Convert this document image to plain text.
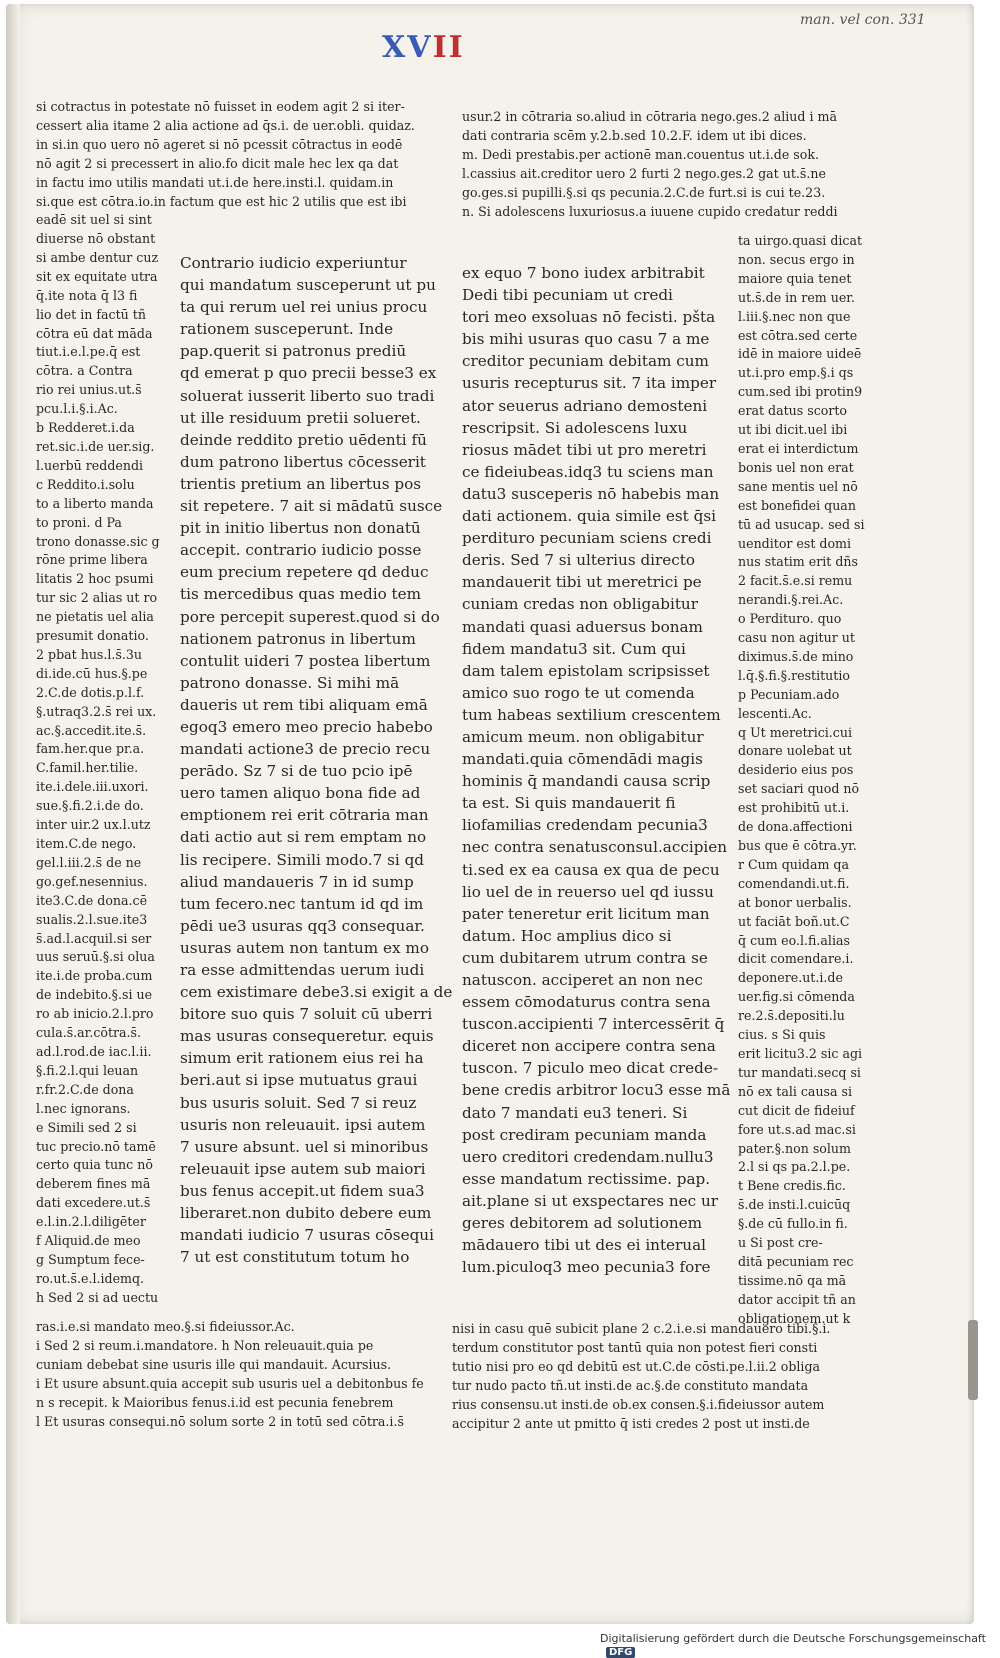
XVII
man. vel con. 331
si cotractus in potestate nō fuisset in eodem agit 2 si iter-
cessert alia itame 2 alia actione ad q̄s.i. de uer.obli. quidaz.
in si.in quo uero nō ageret si nō pcessit cōtractus in eodē
nō agit 2 si precessert in alio.fo dicit male hec lex qa dat
in factu imo utilis mandati ut.i.de here.insti.l. quidam.in
si.que est cōtra.io.in factum que est hic 2 utilis que est ibi
eadē sit uel si sint
usur.2 in cōtraria so.aliud in cōtraria nego.ges.2 aliud i mā
dati contraria scēm y.2.b.sed 10.2.F. idem ut ibi dices.
m. Dedi prestabis.per actionē man.couentus ut.i.de sok.
l.cassius ait.creditor uero 2 furti 2 nego.ges.2 gat ut.s̄.ne
go.ges.si pupilli.§.si qs pecunia.2.C.de furt.si is cui te.23.
n. Si adolescens luxuriosus.a iuuene cupido credatur reddi
diuerse nō obstant
si ambe dentur cuz
sit ex equitate utra
q̄.ite nota q̄ l3 fi
lio det in factū tñ
cōtra eū dat māda
tiut.i.e.l.pe.q̄ est
cōtra. a Contra
rio rei unius.ut.s̄
pcu.l.i.§.i.Ac.
b Redderet.i.da
ret.sic.i.de uer.sig.
l.uerbū reddendi
c Reddito.i.solu
to a liberto manda
to proni. d Pa
trono donasse.sic g
rōne prime libera
litatis 2 hoc psumi
tur sic 2 alias ut ro
ne pietatis uel alia
presumit donatio.
2 pbat hus.l.s̄.3u
di.ide.cū hus.§.pe
2.C.de dotis.p.l.f.
§.utraq3.2.s̄ rei ux.
ac.§.accedit.ite.s̄.
fam.her.que pr.a.
C.famil.her.tilie.
ite.i.dele.iii.uxori.
sue.§.fi.2.i.de do.
inter uir.2 ux.l.utz
item.C.de nego.
gel.l.iii.2.s̄ de ne
go.gef.nesennius.
ite3.C.de dona.cē
sualis.2.l.sue.ite3
s̄.ad.l.acquil.si ser
uus seruū.§.si olua
ite.i.de proba.cum
de indebito.§.si ue
ro ab inicio.2.l.pro
cula.s̄.ar.cōtra.s̄.
ad.l.rod.de iac.l.ii.
§.fi.2.l.qui leuan
r.fr.2.C.de dona
l.nec ignorans.
e Simili sed 2 si
tuc precio.nō tamē
certo quia tunc nō
deberem fines mā
dati excedere.ut.s̄
e.l.in.2.l.diligēter
f Aliquid.de meo
g Sumptum fece-
ro.ut.s̄.e.l.idemq.
h Sed 2 si ad uectu
Contrario iudicio experiuntur
qui mandatum susceperunt ut pu
ta qui rerum uel rei unius procu
rationem susceperunt. Inde
pap.querit si patronus prediū
qd emerat p quo precii besse3 ex
soluerat iusserit liberto suo tradi
ut ille residuum pretii solueret.
deinde reddito pretio uēdenti fū
dum patrono libertus cōcesserit
trientis pretium an libertus pos
sit repetere. 7 ait si mādatū susce
pit in initio libertus non donatū
accepit. contrario iudicio posse
eum precium repetere qd deduc
tis mercedibus quas medio tem
pore percepit superest.quod si do
nationem patronus in libertum
contulit uideri 7 postea libertum
patrono donasse. Si mihi mā
daueris ut rem tibi aliquam emā
egoq3 emero meo precio habebo
mandati actione3 de precio recu
perādo. Sz 7 si de tuo pcio ipē
uero tamen aliquo bona fide ad
emptionem rei erit cōtraria man
dati actio aut si rem emptam no
lis recipere. Simili modo.7 si qd
aliud mandaueris 7 in id sump
tum fecero.nec tantum id qd im
pēdi ue3 usuras qq3 consequar.
usuras autem non tantum ex mo
ra esse admittendas uerum iudi
cem existimare debe3.si exigit a de
bitore suo quis 7 soluit cū uberri
mas usuras consequeretur. equis
simum erit rationem eius rei ha
beri.aut si ipse mutuatus graui
bus usuris soluit. Sed 7 si reuz
usuris non releuauit. ipsi autem
7 usure absunt. uel si minoribus
releuauit ipse autem sub maiori
bus fenus accepit.ut fidem sua3
liberaret.non dubito debere eum
mandati iudicio 7 usuras cōsequi
7 ut est constitutum totum ho
ex equo 7 bono iudex arbitrabit
Dedi tibi pecuniam ut credi
tori meo exsoluas nō fecisti. pšta
bis mihi usuras quo casu 7 a me
creditor pecuniam debitam cum
usuris recepturus sit. 7 ita imper
ator seuerus adriano demosteni
rescripsit. Si adolescens luxu
riosus mādet tibi ut pro meretri
ce fideiubeas.idq3 tu sciens man
datu3 susceperis nō habebis man
dati actionem. quia simile est q̄si
perdituro pecuniam sciens credi
deris. Sed 7 si ulterius directo
mandauerit tibi ut meretrici pe
cuniam credas non obligabitur
mandati quasi aduersus bonam
fidem mandatu3 sit. Cum qui
dam talem epistolam scripsisset
amico suo rogo te ut comenda
tum habeas sextilium crescentem
amicum meum. non obligabitur
mandati.quia cōmendādi magis
hominis q̄ mandandi causa scrip
ta est. Si quis mandauerit fi
liofamilias credendam pecunia3
nec contra senatusconsul.accipien
ti.sed ex ea causa ex qua de pecu
lio uel de in reuerso uel qd iussu
pater teneretur erit licitum man
datum. Hoc amplius dico si
cum dubitarem utrum contra se
natuscon. acciperet an non nec
essem cōmodaturus contra sena
tuscon.accipienti 7 intercessērit q̄
diceret non accipere contra sena
tuscon. 7 piculo meo dicat crede-
bene credis arbitror locu3 esse mā
dato 7 mandati eu3 teneri. Si
post crediram pecuniam manda
uero creditori credendam.nullu3
esse mandatum rectissime. pap.
ait.plane si ut exspectares nec ur
geres debitorem ad solutionem
mādauero tibi ut des ei interual
lum.piculoq3 meo pecunia3 fore
ta uirgo.quasi dicat
non. secus ergo in
maiore quia tenet
ut.s̄.de in rem uer.
l.iii.§.nec non que
est cōtra.sed certe
idē in maiore uideē
ut.i.pro emp.§.i qs
cum.sed ibi protin9
erat datus scorto
ut ibi dicit.uel ibi
erat ei interdictum
bonis uel non erat
sane mentis uel nō
est bonefidei quan
tū ad usucap. sed si
uenditor est domi
nus statim erit dñs
2 facit.s̄.e.si remu
nerandi.§.rei.Ac.
o Perdituro. quo
casu non agitur ut
diximus.s̄.de mino
l.q̄.§.fi.§.restitutio
p Pecuniam.ado
lescenti.Ac.
q Ut meretrici.cui
donare uolebat ut
desiderio eius pos
set saciari quod nō
est prohibitū ut.i.
de dona.affectioni
bus que ē cōtra.yr.
r Cum quidam qa
comendandi.ut.fi.
at bonor uerbalis.
ut faciāt boñ.ut.C
q̄ cum eo.l.fi.alias
dicit comendare.i.
deponere.ut.i.de
uer.fig.si cōmenda
re.2.s̄.depositi.lu
cius. s Si quis
erit licitu3.2 sic agi
tur mandati.secq si
nō ex tali causa si
cut dicit de fideiuf
fore ut.s.ad mac.si
pater.§.non solum
2.l si qs pa.2.l.pe.
t Bene credis.fic.
s̄.de insti.l.cuicūq
§.de cū fullo.in fi.
u Si post cre-
ditā pecuniam rec
tissime.nō qa mā
dator accipit tñ an
obligationem.ut k
ras.i.e.si mandato meo.§.si fideiussor.Ac.
i Sed 2 si reum.i.mandatore. h Non releuauit.quia pe
cuniam debebat sine usuris ille qui mandauit. Acursius.
i Et usure absunt.quia accepit sub usuris uel a debitonbus fe
n s recepit. k Maioribus fenus.i.id est pecunia fenebrem
l Et usuras consequi.nō solum sorte 2 in totū sed cōtra.i.s̄
nisi in casu quē subicit plane 2 c.2.i.e.si mandauero tibi.§.i.
terdum constitutor post tantū quia non potest fieri consti
tutio nisi pro eo qd debitū est ut.C.de cōsti.pe.l.ii.2 obliga
tur nudo pacto tñ.ut insti.de ac.§.de constituto mandata
rius consensu.ut insti.de ob.ex consen.§.i.fideiussor autem
accipitur 2 ante ut pmitto q̄ isti credes 2 post ut insti.de
Digitalisierung gefördert durch die Deutsche ForschungsgemeinschaftDFG
